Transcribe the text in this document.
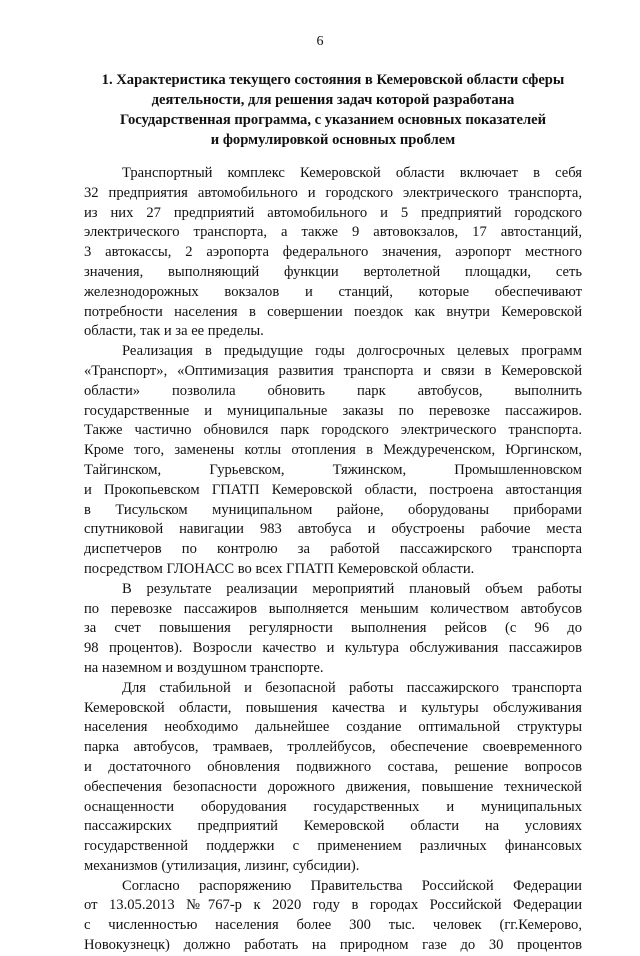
6
1. Характеристика текущего состояния в Кемеровской области сферы
деятельности, для решения задач которой разработана
Государственная программа, с указанием основных показателей
и формулировкой основных проблем
Транспортный комплекс Кемеровской области включает в себя
32 предприятия автомобильного и городского электрического транспорта,
из них 27 предприятий автомобильного и 5 предприятий городского
электрического транспорта, а также 9 автовокзалов, 17 автостанций,
3 автокассы, 2 аэропорта федерального значения, аэропорт местного
значения, выполняющий функции вертолетной площадки, сеть
железнодорожных вокзалов и станций, которые обеспечивают
потребности населения в совершении поездок как внутри Кемеровской
области, так и за ее пределы.
Реализация в предыдущие годы долгосрочных целевых программ
«Транспорт», «Оптимизация развития транспорта и связи в Кемеровской
области» позволила обновить парк автобусов, выполнить
государственные и муниципальные заказы по перевозке пассажиров.
Также частично обновился парк городского электрического транспорта.
Кроме того, заменены котлы отопления в Междуреченском, Юргинском,
Тайгинском, Гурьевском, Тяжинском, Промышленновском
и Прокопьевском ГПАТП Кемеровской области, построена автостанция
в Тисульском муниципальном районе, оборудованы приборами
спутниковой навигации 983 автобуса и обустроены рабочие места
диспетчеров по контролю за работой пассажирского транспорта
посредством ГЛОНАСС во всех ГПАТП Кемеровской области.
В результате реализации мероприятий плановый объем работы
по перевозке пассажиров выполняется меньшим количеством автобусов
за счет повышения регулярности выполнения рейсов (с 96 до
98 процентов). Возросли качество и культура обслуживания пассажиров
на наземном и воздушном транспорте.
Для стабильной и безопасной работы пассажирского транспорта
Кемеровской области, повышения качества и культуры обслуживания
населения необходимо дальнейшее создание оптимальной структуры
парка автобусов, трамваев, троллейбусов, обеспечение своевременного
и достаточного обновления подвижного состава, решение вопросов
обеспечения безопасности дорожного движения, повышение технической
оснащенности оборудования государственных и муниципальных
пассажирских предприятий Кемеровской области на условиях
государственной поддержки с применением различных финансовых
механизмов (утилизация, лизинг, субсидии).
Согласно распоряжению Правительства Российской Федерации
от 13.05.2013 №767-р к 2020 году в городах Российской Федерации
с численностью населения более 300 тыс. человек (гг.Кемерово,
Новокузнецк) должно работать на природном газе до 30 процентов
